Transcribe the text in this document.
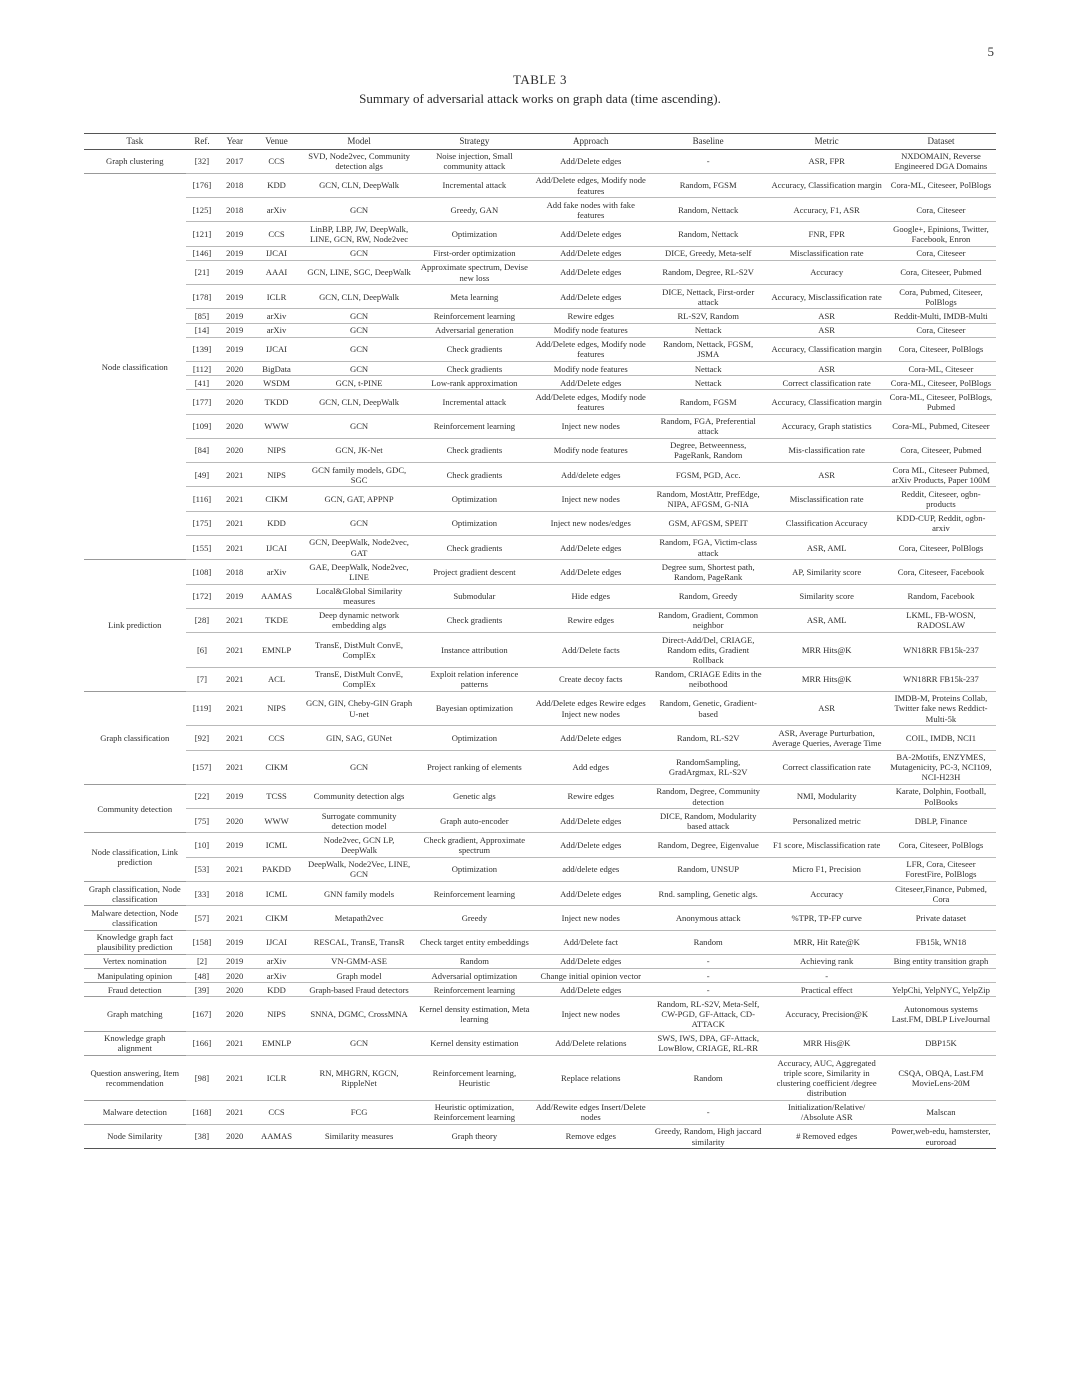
5
TABLE 3
Summary of adversarial attack works on graph data (time ascending).
Task	Ref.	Year	Venue	Model	Strategy	Approach	Baseline	Metric	Dataset
Graph clustering	[32]	2017	CCS	SVD, Node2vec, Community detection algs	Noise injection, Small community attack	Add/Delete edges	-	ASR, FPR	NXDOMAIN, Reverse Engineered DGA Domains
Node classification	[176]	2018	KDD	GCN, CLN, DeepWalk	Incremental attack	Add/Delete edges, Modify node features	Random, FGSM	Accuracy, Classification margin	Cora-ML, Citeseer, PolBlogs
	[125]	2018	arXiv	GCN	Greedy, GAN	Add fake nodes with fake features	Random, Nettack	Accuracy, F1, ASR	Cora, Citeseer
	[121]	2019	CCS	LinBP, LBP, JW, DeepWalk, LINE, GCN, RW, Node2vec	Optimization	Add/Delete edges	Random, Nettack	FNR, FPR	Google+, Epinions, Twitter, Facebook, Enron
	[146]	2019	IJCAI	GCN	First-order optimization	Add/Delete edges	DICE, Greedy, Meta-self	Misclassification rate	Cora, Citeseer
	[21]	2019	AAAI	GCN, LINE, SGC, DeepWalk	Approximate spectrum, Devise new loss	Add/Delete edges	Random, Degree, RL-S2V	Accuracy	Cora, Citeseer, Pubmed
	[178]	2019	ICLR	GCN, CLN, DeepWalk	Meta learning	Add/Delete edges	DICE, Nettack, First-order attack	Accuracy, Misclassification rate	Cora, Pubmed, Citeseer, PolBlogs
	[85]	2019	arXiv	GCN	Reinforcement learning	Rewire edges	RL-S2V, Random	ASR	Reddit-Multi, IMDB-Multi
	[14]	2019	arXiv	GCN	Adversarial generation	Modify node features	Nettack	ASR	Cora, Citeseer
	[139]	2019	IJCAI	GCN	Check gradients	Add/Delete edges, Modify node features	Random, Nettack, FGSM, JSMA	Accuracy, Classification margin	Cora, Citeseer, PolBlogs
	[112]	2020	BigData	GCN	Check gradients	Modify node features	Nettack	ASR	Cora-ML, Citeseer
	[41]	2020	WSDM	GCN, t-PINE	Low-rank approximation	Add/Delete edges	Nettack	Correct classification rate	Cora-ML, Citeseer, PolBlogs
	[177]	2020	TKDD	GCN, CLN, DeepWalk	Incremental attack	Add/Delete edges, Modify node features	Random, FGSM	Accuracy, Classification margin	Cora-ML, Citeseer, PolBlogs, Pubmed
	[109]	2020	WWW	GCN	Reinforcement learning	Inject new nodes	Random, FGA, Preferential attack	Accuracy, Graph statistics	Cora-ML, Pubmed, Citeseer
	[84]	2020	NIPS	GCN, JK-Net	Check gradients	Modify node features	Degree, Betweenness, PageRank, Random	Mis-classification rate	Cora, Citeseer, Pubmed
	[49]	2021	NIPS	GCN family models, GDC, SGC	Check gradients	Add/delete edges	FGSM, PGD, Acc.	ASR	Cora ML, Citeseer Pubmed, arXiv Products, Paper 100M
	[116]	2021	CIKM	GCN, GAT, APPNP	Optimization	Inject new nodes	Random, MostAttr, PrefEdge, NIPA, AFGSM, G-NIA	Misclassification rate	Reddit, Citeseer, ogbn-products
	[175]	2021	KDD	GCN	Optimization	Inject new nodes/edges	GSM, AFGSM, SPEIT	Classification Accuracy	KDD-CUP, Reddit, ogbn-arxiv
	[155]	2021	IJCAI	GCN, DeepWalk, Node2vec, GAT	Check gradients	Add/Delete edges	Random, FGA, Victim-class attack	ASR, AML	Cora, Citeseer, PolBlogs
Link prediction	[108]	2018	arXiv	GAE, DeepWalk, Node2vec, LINE	Project gradient descent	Add/Delete edges	Degree sum, Shortest path, Random, PageRank	AP, Similarity score	Cora, Citeseer, Facebook
	[172]	2019	AAMAS	Local&Global Similarity measures	Submodular	Hide edges	Random, Greedy	Similarity score	Random, Facebook
	[28]	2021	TKDE	Deep dynamic network embedding algs	Check gradients	Rewire edges	Random, Gradient, Common neighbor	ASR, AML	LKML, FB-WOSN, RADOSLAW
	[6]	2021	EMNLP	TransE, DistMult ConvE, ComplEx	Instance attribution	Add/Delete facts	Direct-Add/Del, CRIAGE, Random edits, Gradient Rollback	MRR Hits@K	WN18RR FB15k-237
	[7]	2021	ACL	TransE, DistMult ConvE, ComplEx	Exploit relation inference patterns	Create decoy facts	Random, CRIAGE Edits in the neibothood	MRR Hits@K	WN18RR FB15k-237
Graph classification	[119]	2021	NIPS	GCN, GIN, Cheby-GIN Graph U-net	Bayesian optimization	Add/Delete edges Rewire edges Inject new nodes	Random, Genetic, Gradient-based	ASR	IMDB-M, Proteins Collab, Twitter fake news Reddict-Multi-5k
	[92]	2021	CCS	GIN, SAG, GUNet	Optimization	Add/Delete edges	Random, RL-S2V	ASR, Average Purturbation, Average Queries, Average Time	COIL, IMDB, NCI1
	[157]	2021	CIKM	GCN	Project ranking of elements	Add edges	RandomSampling, GradArgmax, RL-S2V	Correct classification rate	BA-2Motifs, ENZYMES, Mutagenicity, PC-3, NCI109, NCI-H23H
Community detection	[22]	2019	TCSS	Community detection algs	Genetic algs	Rewire edges	Random, Degree, Community detection	NMI, Modularity	Karate, Dolphin, Football, PolBooks
	[75]	2020	WWW	Surrogate community detection model	Graph auto-encoder	Add/Delete edges	DICE, Random, Modularity based attack	Personalized metric	DBLP, Finance
Node classification, Link prediction	[10]	2019	ICML	Node2vec, GCN LP, DeepWalk	Check gradient, Approximate spectrum	Add/Delete edges	Random, Degree, Eigenvalue	F1 score, Misclassification rate	Cora, Citeseer, PolBlogs
	[53]	2021	PAKDD	DeepWalk, Node2Vec, LINE, GCN	Optimization	add/delete edges	Random, UNSUP	Micro F1, Precision	LFR, Cora, Citeseer ForestFire, PolBlogs
Graph classification, Node classification	[33]	2018	ICML	GNN family models	Reinforcement learning	Add/Delete edges	Rnd. sampling, Genetic algs.	Accuracy	Citeseer,Finance, Pubmed, Cora
Malware detection, Node classification	[57]	2021	CIKM	Metapath2vec	Greedy	Inject new nodes	Anonymous attack	%TPR, TP-FP curve	Private dataset
Knowledge graph fact plausibility prediction	[158]	2019	IJCAI	RESCAL, TransE, TransR	Check target entity embeddings	Add/Delete fact	Random	MRR, Hit Rate@K	FB15k, WN18
Vertex nomination	[2]	2019	arXiv	VN-GMM-ASE	Random	Add/Delete edges	-	Achieving rank	Bing entity transition graph
Manipulating opinion	[48]	2020	arXiv	Graph model	Adversarial optimization	Change initial opinion vector	-	-	
Fraud detection	[39]	2020	KDD	Graph-based Fraud detectors	Reinforcement learning	Add/Delete edges	-	Practical effect	YelpChi, YelpNYC, YelpZip
Graph matching	[167]	2020	NIPS	SNNA, DGMC, CrossMNA	Kernel density estimation, Meta learning	Inject new nodes	Random, RL-S2V, Meta-Self, CW-PGD, GF-Attack, CD-ATTACK	Accuracy, Precision@K	Autonomous systems Last.FM, DBLP LiveJournal
Knowledge graph alignment	[166]	2021	EMNLP	GCN	Kernel density estimation	Add/Delete relations	SWS, IWS, DPA, GF-Attack, LowBlow, CRIAGE, RL-RR	MRR His@K	DBP15K
Question answering, Item recommendation	[98]	2021	ICLR	RN, MHGRN, KGCN, RippleNet	Reinforcement learning, Heuristic	Replace relations	Random	Accuracy, AUC, Aggregated triple score, Similarity in clustering coefficient /degree distribution	CSQA, OBQA, Last.FM MovieLens-20M
Malware detection	[168]	2021	CCS	FCG	Heuristic optimization, Reinforcement learning	Add/Rewite edges Insert/Delete nodes	-	Initialization/Relative/ /Absolute ASR	Malscan
Node Similarity	[38]	2020	AAMAS	Similarity measures	Graph theory	Remove edges	Greedy, Random, High jaccard similarity	# Removed edges	Power,web-edu, hamsterster, euroroad
